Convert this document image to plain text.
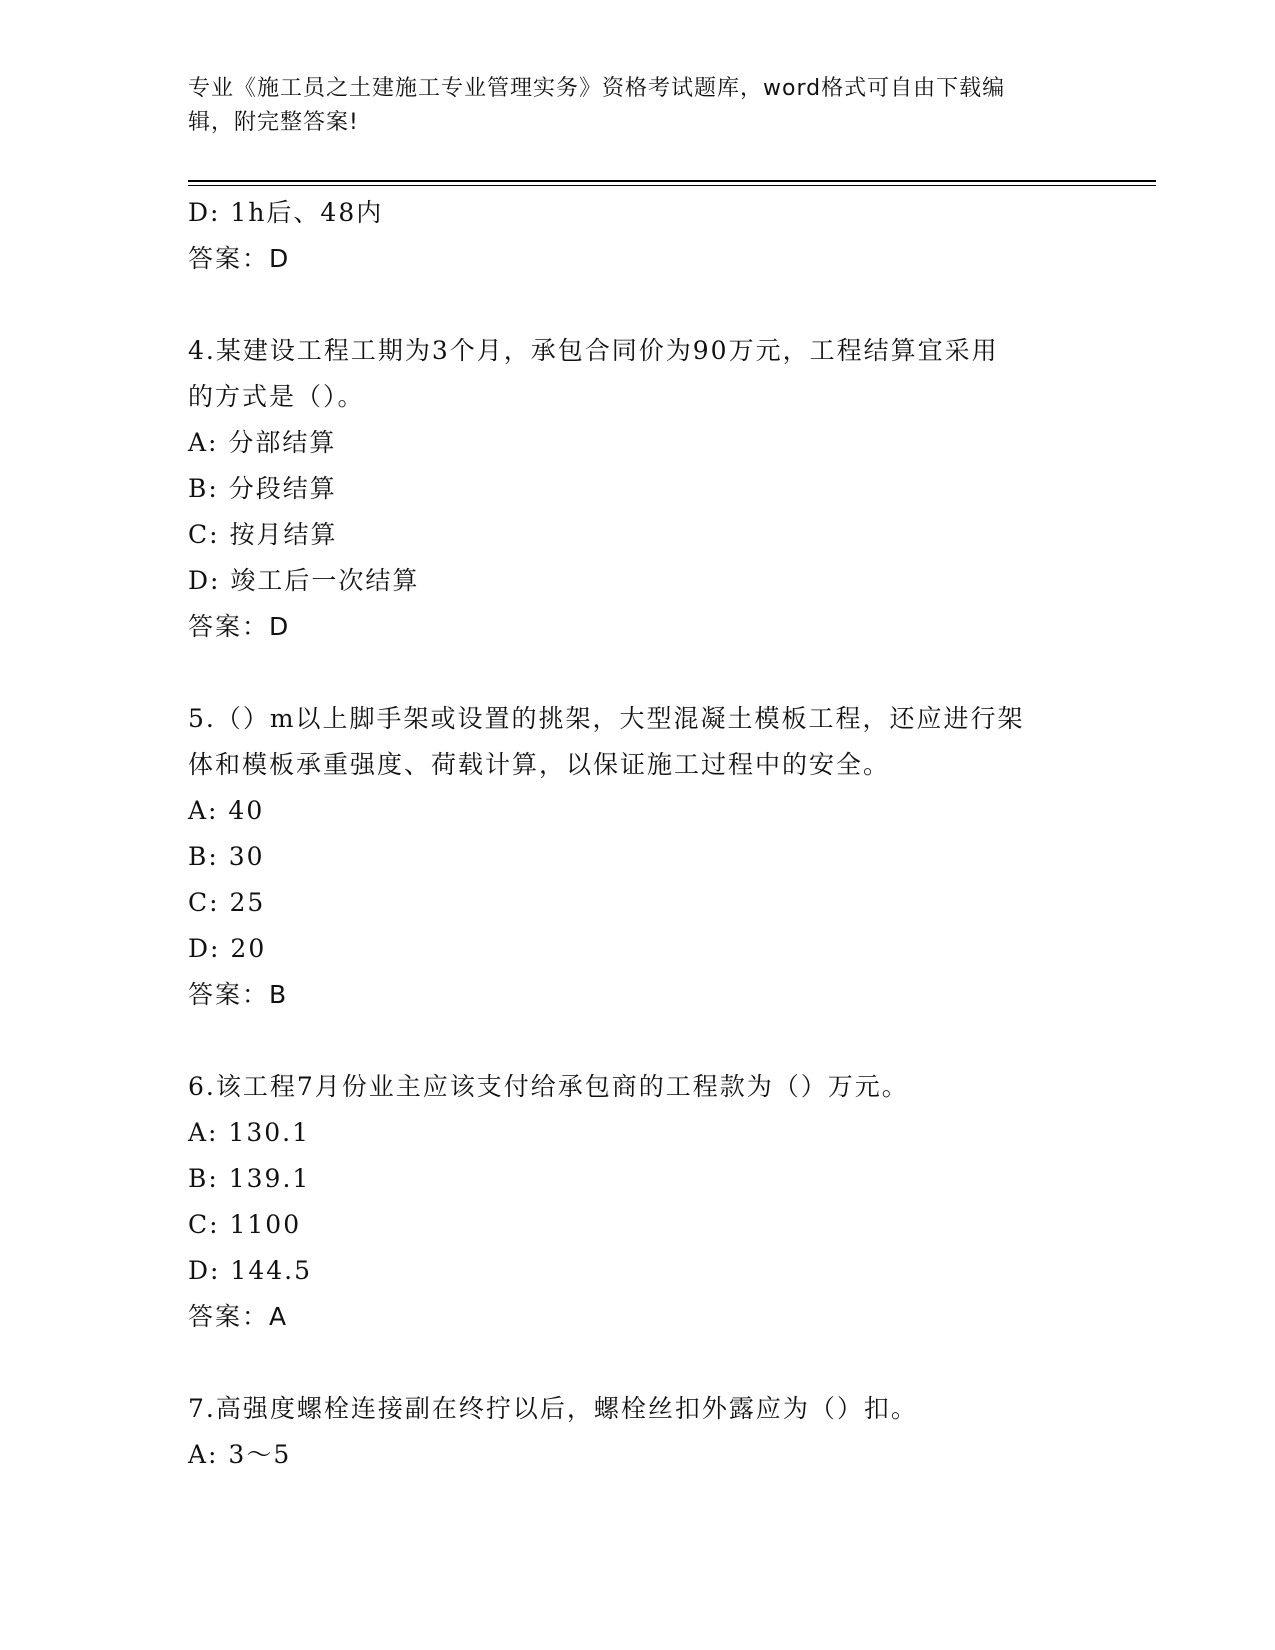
专业《施工员之土建施工专业管理实务》资格考试题库，word格式可自由下载编
辑，附完整答案!
D: 1h后、48内
答案：D
4.某建设工程工期为3个月，承包合同价为90万元，工程结算宜采用
的方式是（）。
A: 分部结算
B: 分段结算
C: 按月结算
D: 竣工后一次结算
答案：D
5.（）m以上脚手架或设置的挑架，大型混凝土模板工程，还应进行架
体和模板承重强度、荷载计算，以保证施工过程中的安全。
A: 40
B: 30
C: 25
D: 20
答案：B
6.该工程7月份业主应该支付给承包商的工程款为（）万元。
A: 130.1
B: 139.1
C: 1100
D: 144.5
答案：A
7.高强度螺栓连接副在终拧以后，螺栓丝扣外露应为（）扣。
A: 3～5
